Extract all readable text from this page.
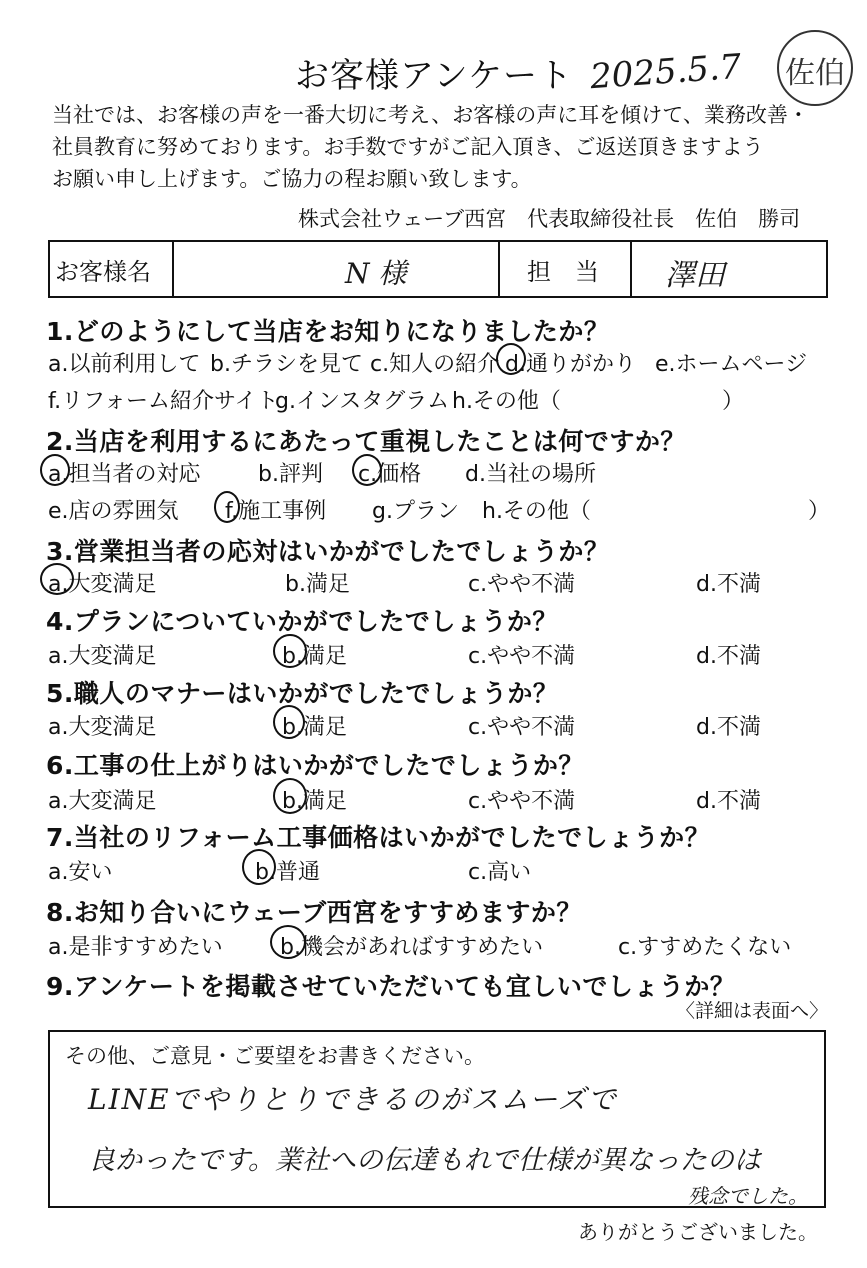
お客様アンケート 2025.5.7 佐伯
当社では、お客様の声を一番大切に考え、お客様の声に耳を傾けて、業務改善・
社員教育に努めております。お手数ですがご記入頂き、ご返送頂きますよう
お願い申し上げます。ご協力の程お願い致します。
株式会社ウェーブ西宮　代表取締役社長　佐伯　勝司
お客様名	N 様	担　当 澤田
1.どのようにして当店をお知りになりましたか？
a.以前利用して b.チラシを見て c.知人の紹介 d.通りがかり e.ホームページ
f.リフォーム紹介サイト
g.インスタグラム h.その他（	）
2.当店を利用するにあたって重視したことは何ですか？
a.担当者の対応	b.評判 c.価格 d.当社の場所
e.店の雰囲気 f.施工事例 g.プラン h.その他（	）
3.営業担当者の応対はいかがでしたでしょうか？
a.大変満足	b.満足	c.やや不満	d.不満
4.プランについていかがでしたでしょうか？
a.大変満足	b.満足	c.やや不満	d.不満
5.職人のマナーはいかがでしたでしょうか？
a.大変満足	b.満足	c.やや不満	d.不満
6.工事の仕上がりはいかがでしたでしょうか？
a.大変満足	b.満足	c.やや不満	d.不満
7.当社のリフォーム工事価格はいかがでしたでしょうか？
a.安い	b.普通	c.高い
8.お知り合いにウェーブ西宮をすすめますか？
a.是非すすめたい	b.機会があればすすめたい	c.すすめたくない
9.アンケートを掲載させていただいても宜しいでしょうか？
〈詳細は表面へ〉
その他、ご意見・ご要望をお書きください。
LINEでやりとりできるのがスムーズで
良かったです。業社への伝達もれで仕様が異なったのは
残念でした。
ありがとうございました。
